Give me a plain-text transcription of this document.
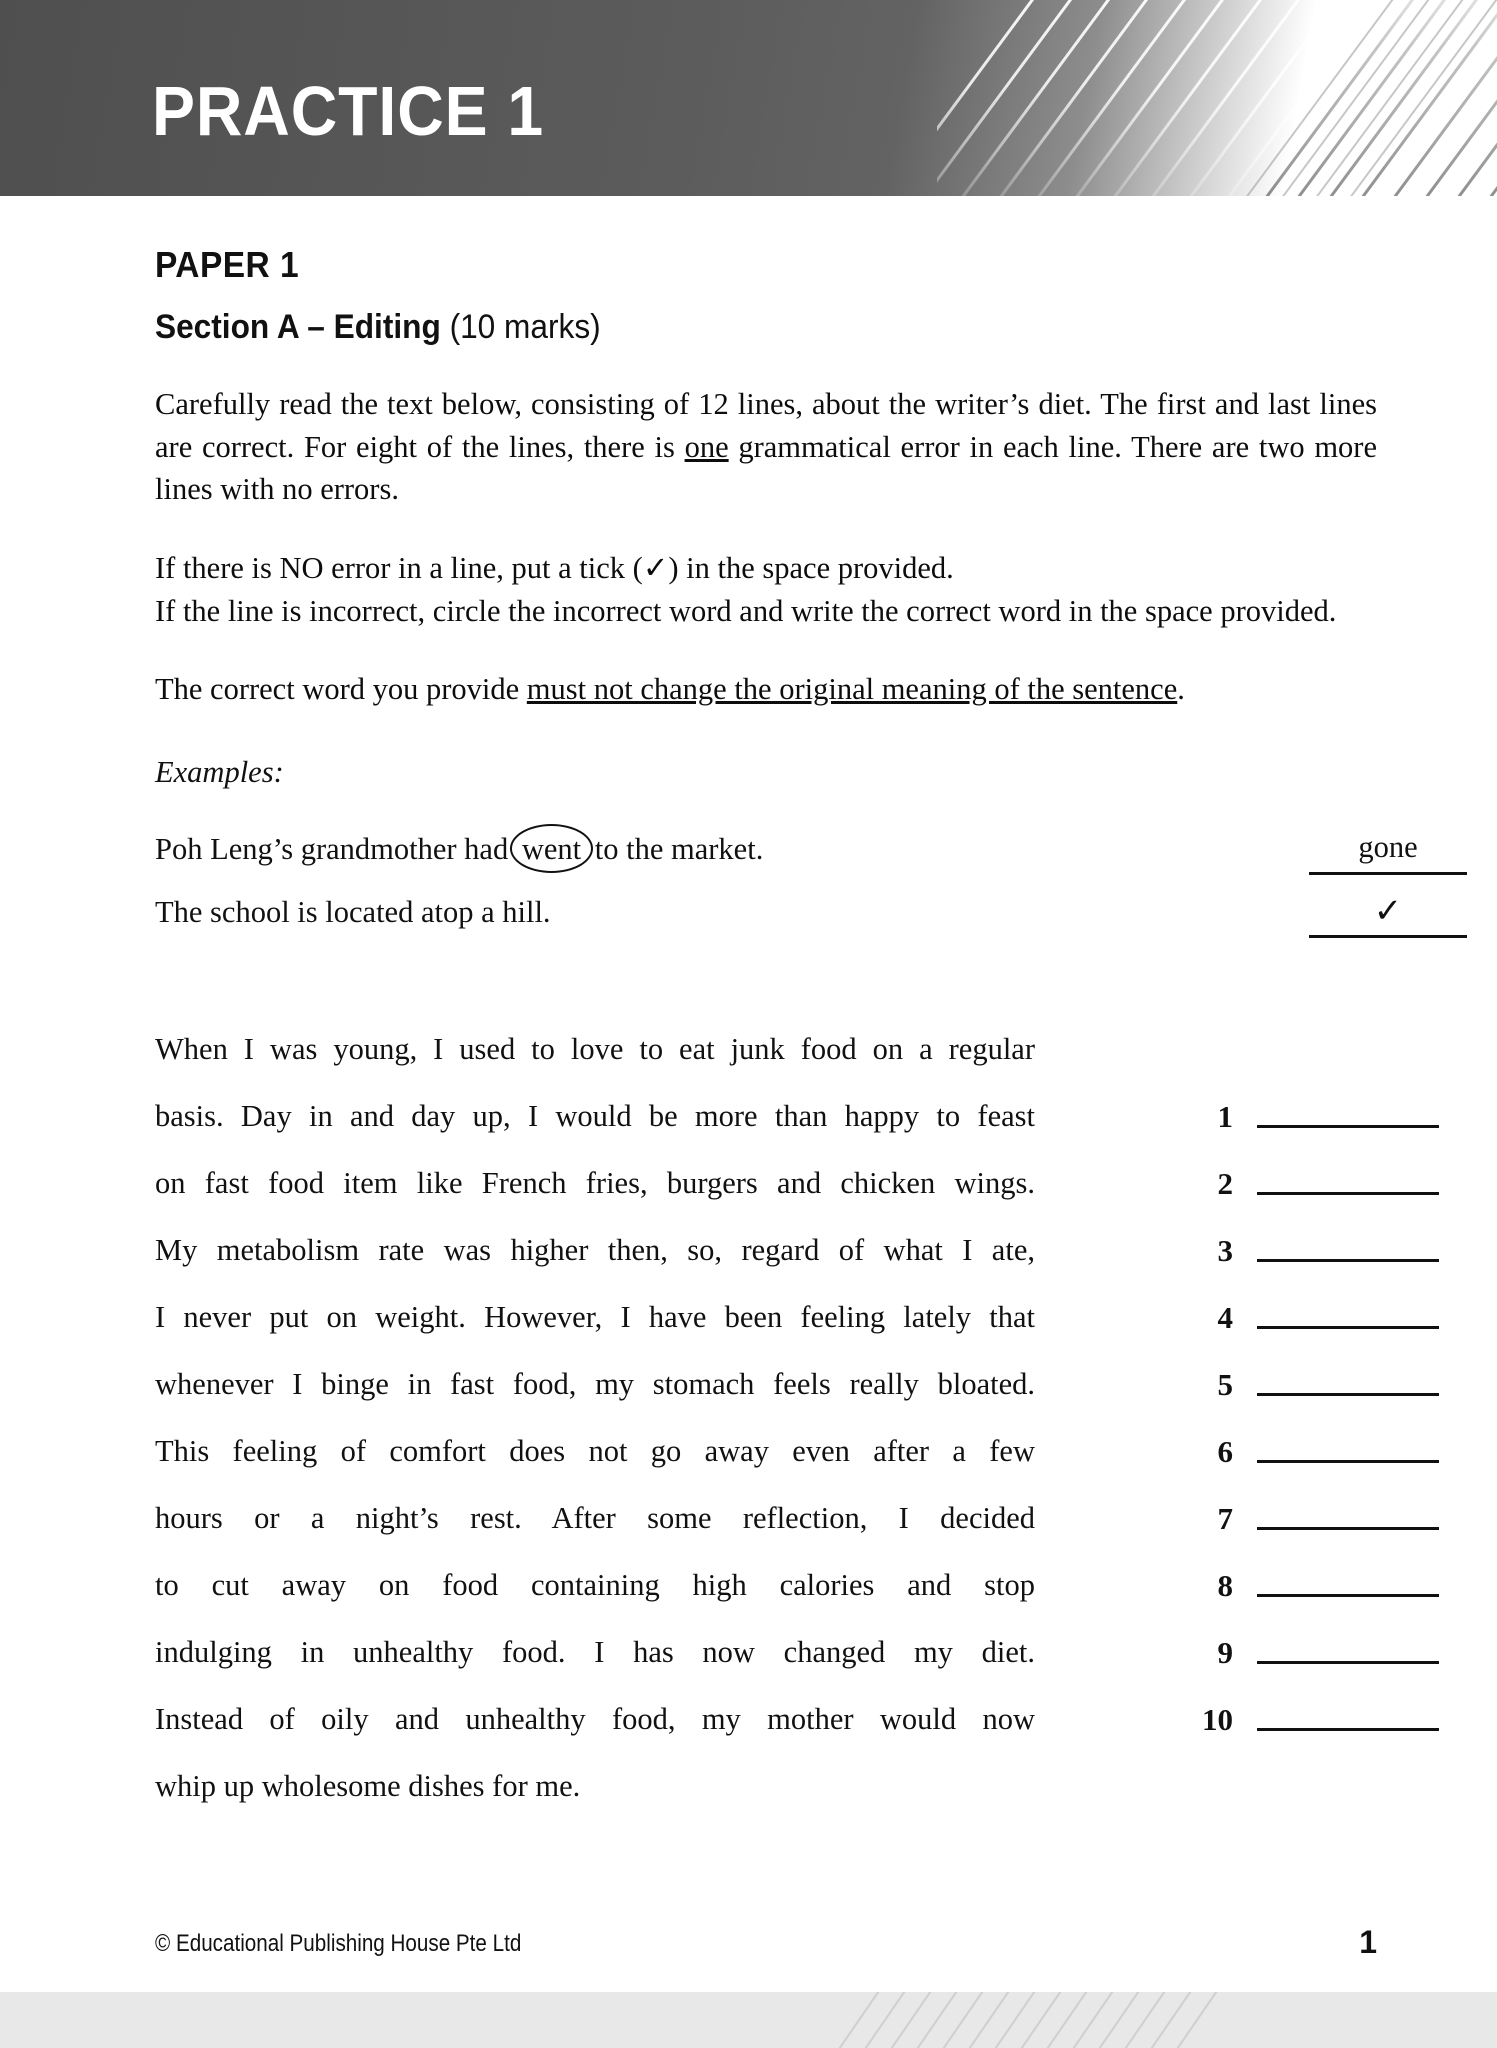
PRACTICE 1
PAPER 1
Section A – Editing (10 marks)

Carefully read the text below, consisting of 12 lines, about the writer’s diet. The first and last lines are correct. For eight of the lines, there is one grammatical error in each line. There are two more lines with no errors.

If there is NO error in a line, put a tick (✓) in the space provided.

If the line is incorrect, circle the incorrect word and write the correct word in the space provided.

The correct word you provide must not change the original meaning of the sentence.

Examples:
Poh Leng’s grandmother had
went to the market.	gone
The school is located atop a hill.	✓
When I was young, I used to love to eat junk food on a regular
basis. Day in and day up, I would be more than happy to feast	1
on fast food item like French fries, burgers and chicken wings.	2
My metabolism rate was higher then, so, regard of what I ate,	3
I never put on weight. However, I have been feeling lately that	4
whenever I binge in fast food, my stomach feels really bloated.	5
This feeling of comfort does not go away even after a few	6
hours or a night’s rest. After some reflection, I decided	7
to cut away on food containing high calories and stop	8
indulging in unhealthy food. I has now changed my diet.	9
Instead of oily and unhealthy food, my mother would now	10
whip up wholesome dishes for me.
© Educational Publishing House Pte Ltd	1
